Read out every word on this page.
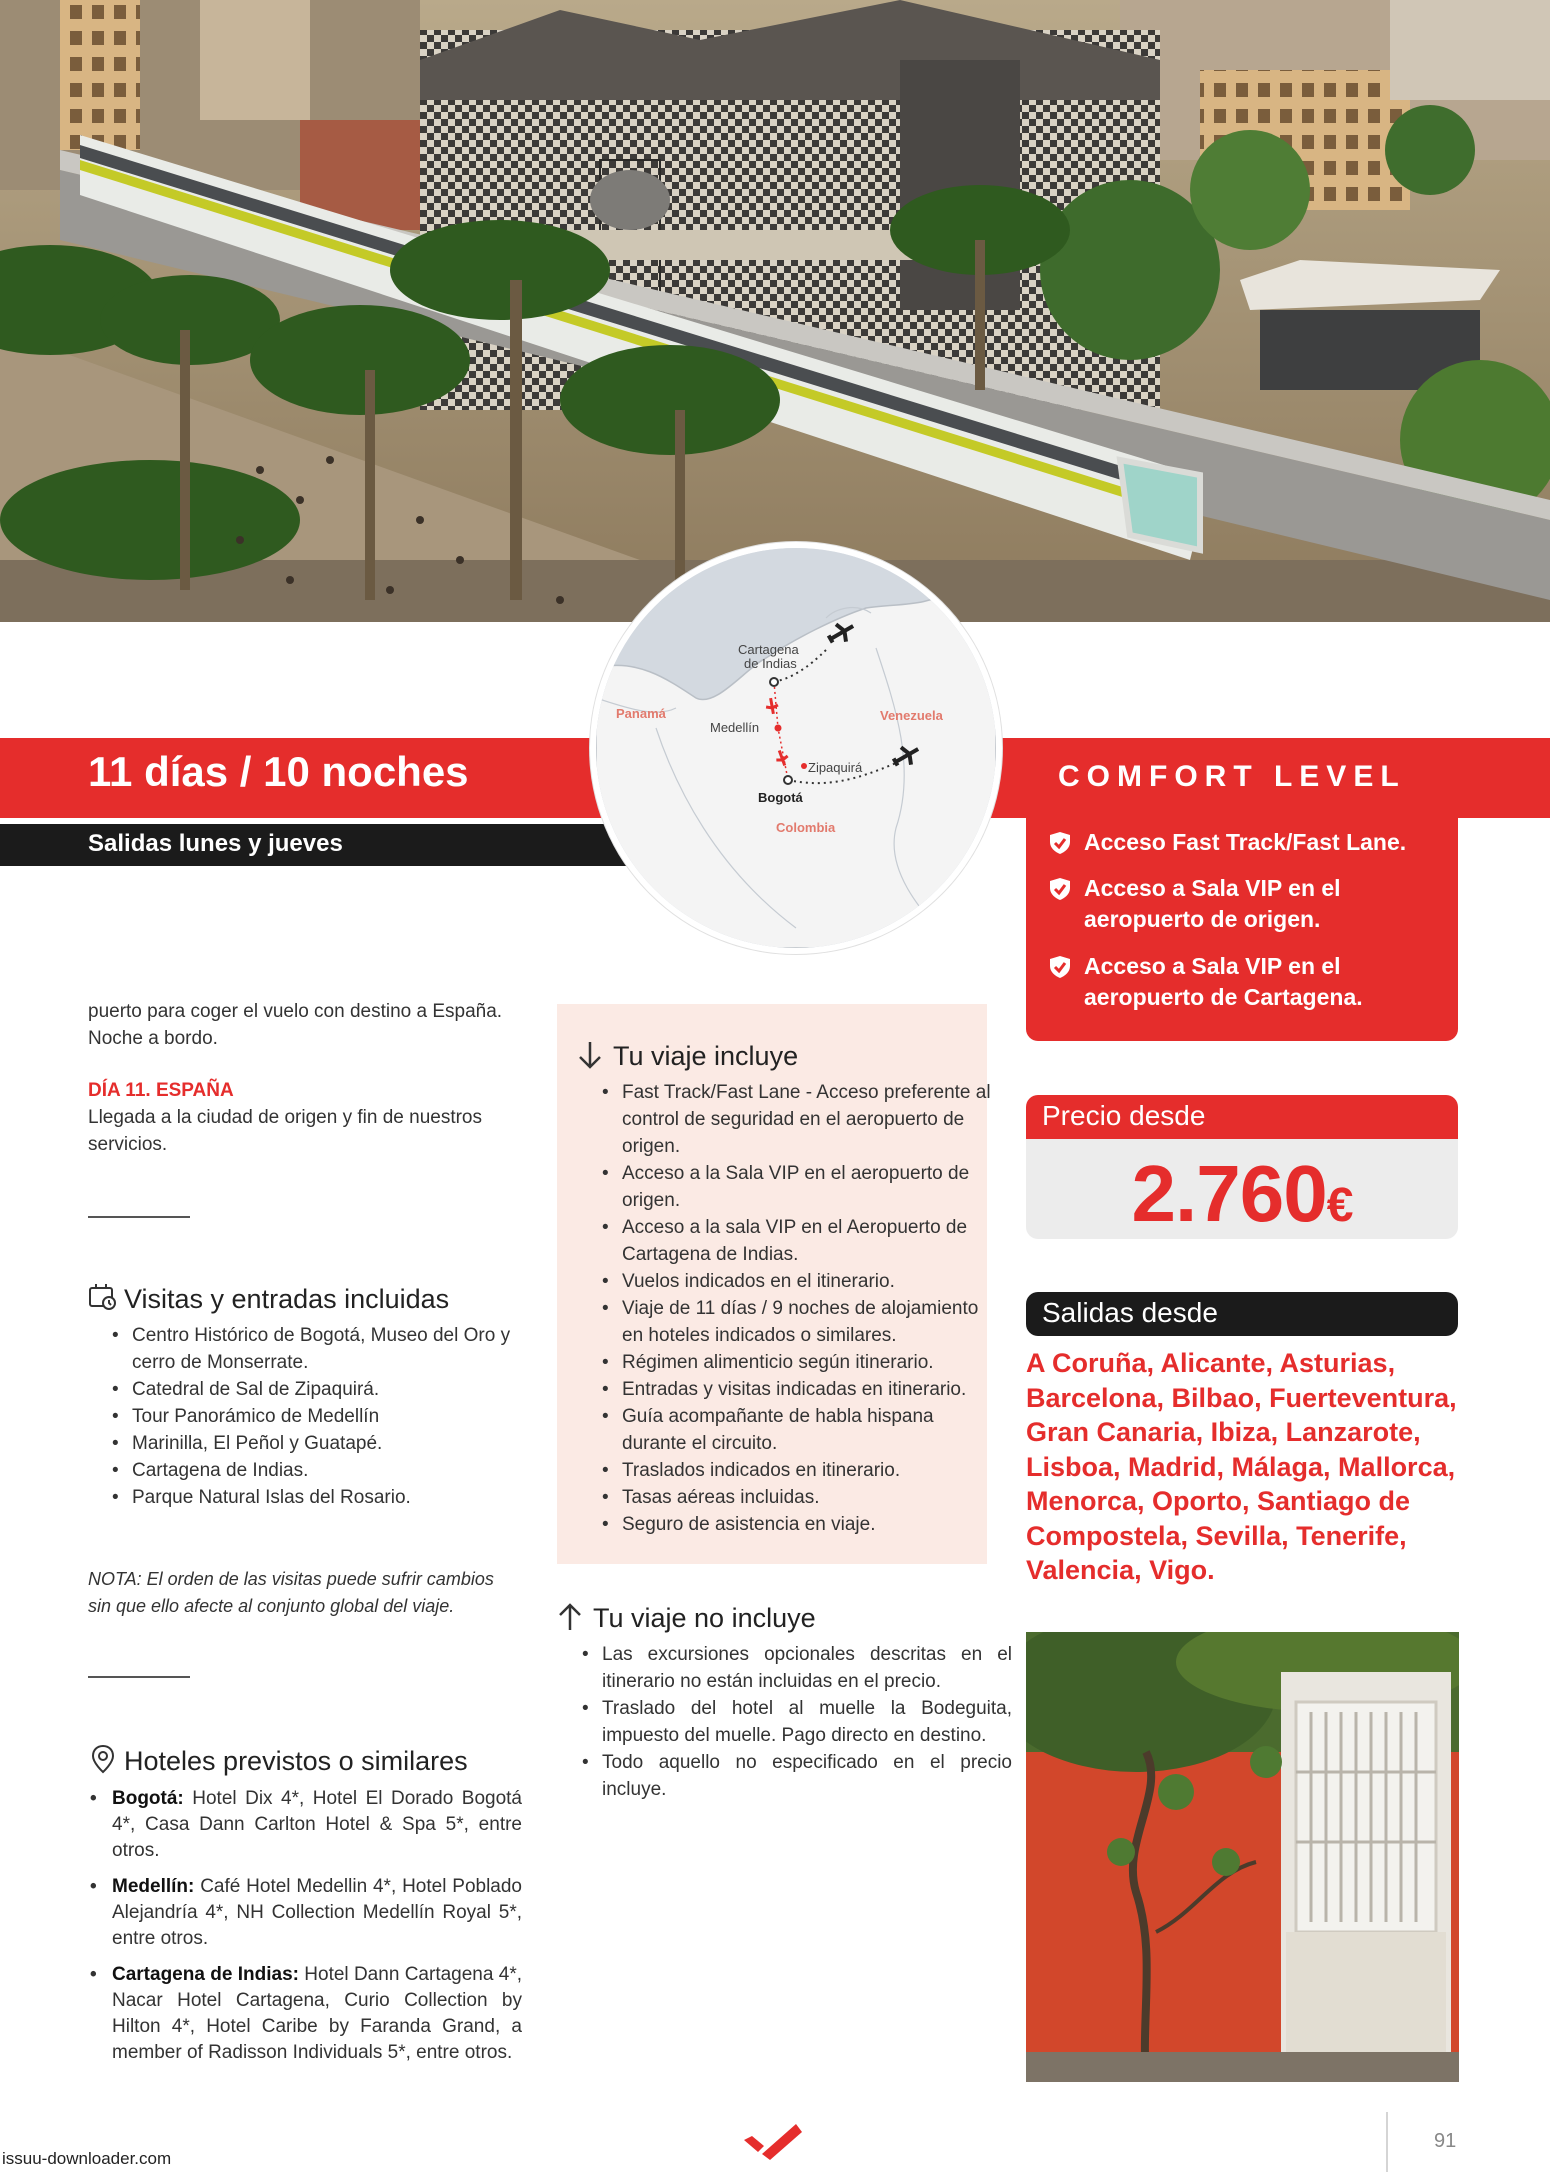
11 días / 10 noches
Salidas lunes y jueves
COMFORT LEVEL
Acceso Fast Track/Fast Lane.
Acceso a Sala VIP en el
aeropuerto de origen.
Acceso a Sala VIP en el
aeropuerto de Cartagena.
Cartagena
de Indias
Medellín
Zipaquirá
Bogotá
Panamá	Venezuela
Colombia
puerto para coger el vuelo con destino a España.
Noche a bordo.
DÍA 11. ESPAÑA
Llegada a la ciudad de origen y fin de nuestros
servicios.
Visitas y entradas incluidas
• Centro Histórico de Bogotá, Museo del Oro y cerro de Monserrate.
• Catedral de Sal de Zipaquirá.
• Tour Panorámico de Medellín
• Marinilla, El Peñol y Guatapé.
• Cartagena de Indias.
• Parque Natural Islas del Rosario.
NOTA: El orden de las visitas puede sufrir cambios
sin que ello afecte al conjunto global del viaje.
Hoteles previstos o similares
• Bogotá: Hotel Dix 4*, Hotel El Dorado Bogotá 4*, Casa Dann Carlton Hotel & Spa 5*, entre otros.
• Medellín: Café Hotel Medellin 4*, Hotel Poblado Alejandría 4*, NH Collection Medellín Royal 5*, entre otros.
• Cartagena de Indias: Hotel Dann Cartagena 4*, Nacar Hotel Cartagena, Curio Collection by Hilton 4*, Hotel Caribe by Faranda Grand, a member of Radisson Individuals 5*, entre otros.
Tu viaje incluye
• Fast Track/Fast Lane - Acceso preferente al control de seguridad en el aeropuerto de origen.
• Acceso a la Sala VIP en el aeropuerto de origen.
• Acceso a la sala VIP en el Aeropuerto de Cartagena de Indias.
• Vuelos indicados en el itinerario.
• Viaje de 11 días / 9 noches de alojamiento en hoteles indicados o similares.
• Régimen alimenticio según itinerario.
• Entradas y visitas indicadas en itinerario.
• Guía acompañante de habla hispana durante el circuito.
• Traslados indicados en itinerario.
• Tasas aéreas incluidas.
• Seguro de asistencia en viaje.
Tu viaje no incluye
• Las excursiones opcionales descritas en el itinerario no están incluidas en el precio.
• Traslado del hotel al muelle la Bodeguita, impuesto del muelle. Pago directo en destino.
• Todo aquello no especificado en el precio incluye.
Precio desde
2.760€
Salidas desde
A Coruña, Alicante, Asturias, Barcelona, Bilbao, Fuerteventura, Gran Canaria, Ibiza, Lanzarote, Lisboa, Madrid, Málaga, Mallorca, Menorca, Oporto, Santiago de Compostela, Sevilla, Tenerife, Valencia, Vigo.
91
issuu-downloader.com
